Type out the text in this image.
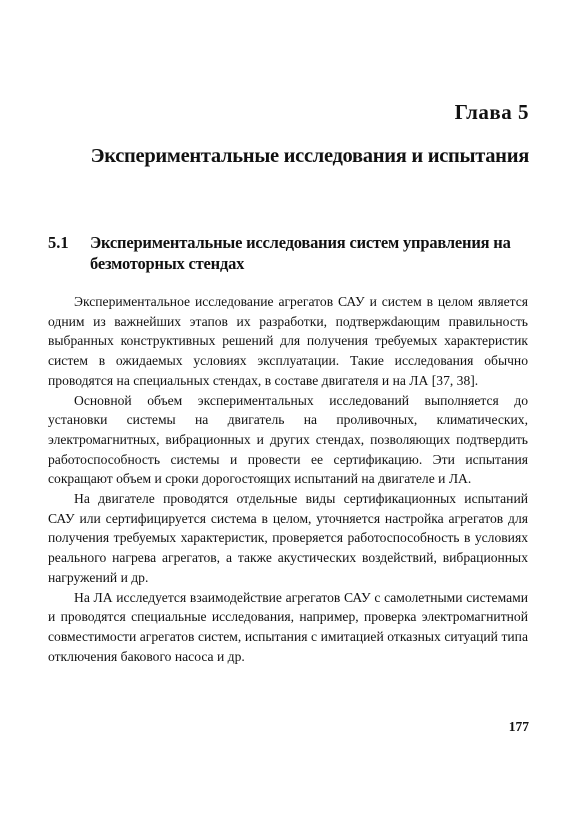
Глава 5
Экспериментальные исследования и испытания
5.1	Экспериментальные исследования систем управления на безмоторных стендах

Экспериментальное исследование агрегатов САУ и систем в целом является одним из важнейших этапов их разработки, подтвержdающим правильность выбранных конструктивных решений для получения требуемых характеристик систем в ожидаемых условиях эксплуатации. Такие исследования обычно проводятся на специальных стендах, в составе двигателя и на ЛА [37, 38].

Основной объем экспериментальных исследований выполняется до установки системы на двигатель на проливочных, климатических, электромагнитных, вибрационных и других стендах, позволяющих подтвердить работоспособность системы и провести ее сертификацию. Эти испытания сокращают объем и сроки дорогостоящих испытаний на двигателе и ЛА.

На двигателе проводятся отдельные виды сертификационных испытаний САУ или сертифицируется система в целом, уточняется настройка агрегатов для получения требуемых характеристик, проверяется работоспособность в условиях реального нагрева агрегатов, а также акустических воздействий, вибрационных нагружений и др.

На ЛА исследуется взаимодействие агрегатов САУ с самолетными системами и проводятся специальные исследования, например, проверка электромагнитной совместимости агрегатов систем, испытания с имитацией отказных ситуаций типа отключения бакового насоса и др.

177
